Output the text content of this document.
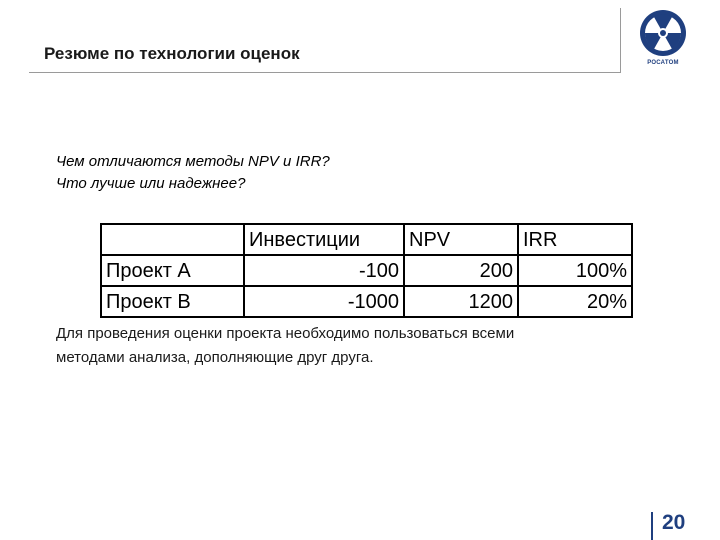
Резюме по технологии оценок	РОСАТОМ
Чем отличаются методы NPV и IRR?
Что лучше или надежнее?
	Инвестиции	NPV	IRR
Проект А	-100	200	100%
Проект В	-1000	1200	20%
Для проведения оценки проекта необходимо пользоваться всеми
методами анализа, дополняющие друг друга.
20
